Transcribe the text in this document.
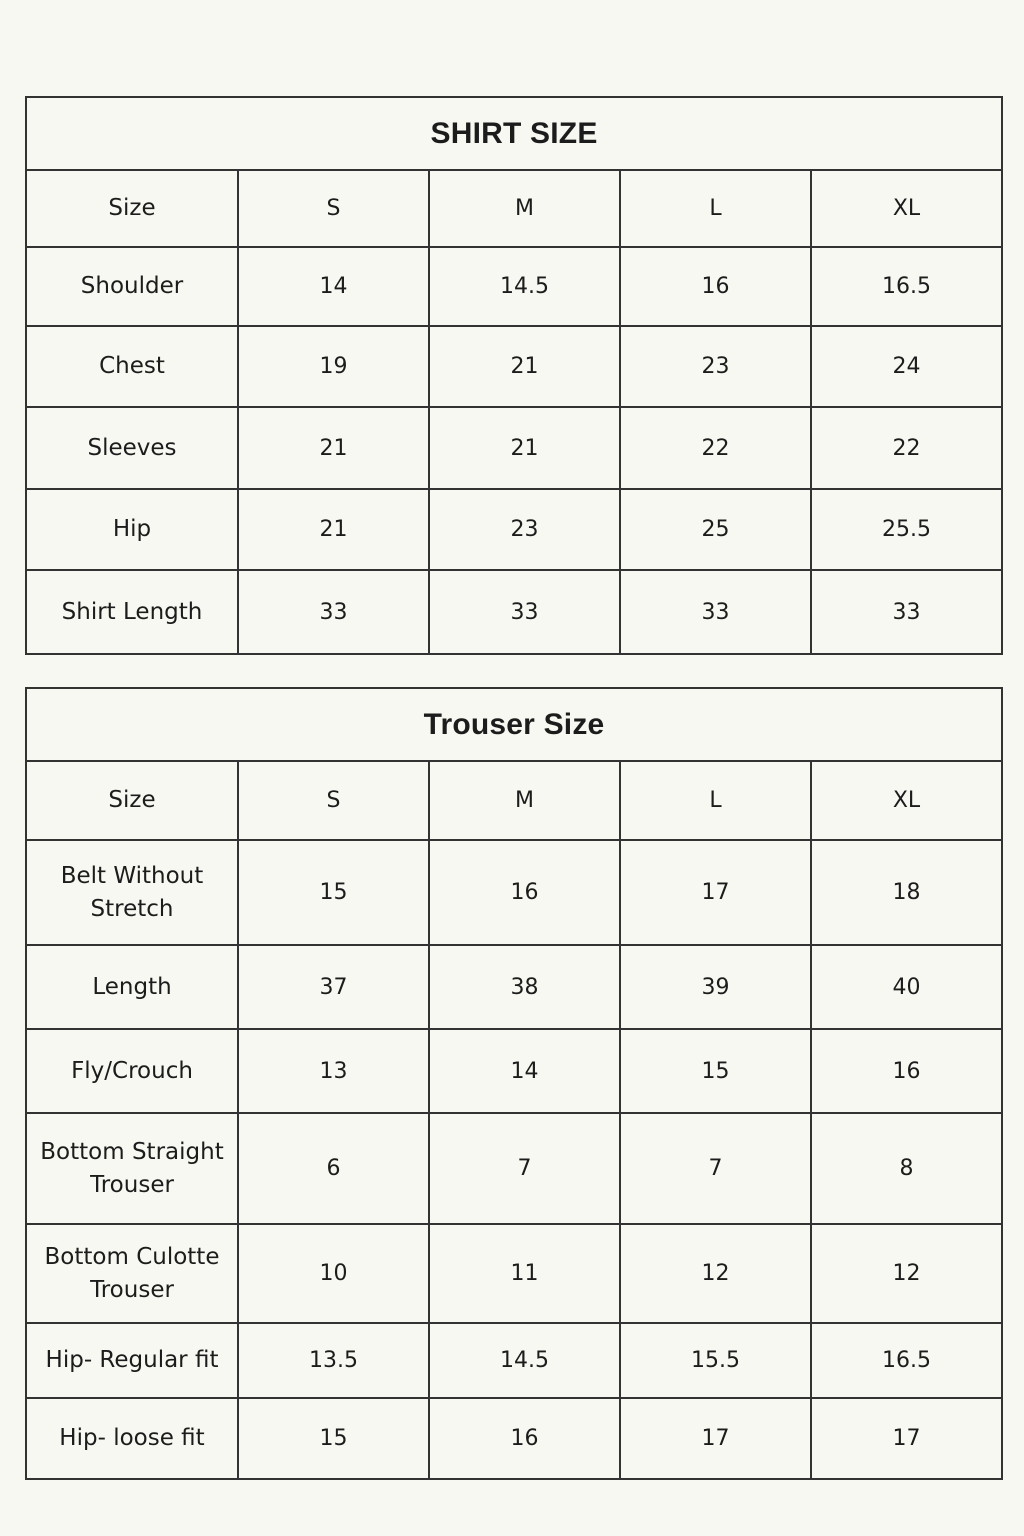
SHIRT SIZE				
Size	S	M	L	XL
Shoulder	14	14.5	16	16.5
Chest	19	21	23	24
Sleeves	21	21	22	22
Hip	21	23	25	25.5
Shirt Length	33	33	33	33
Trouser Size				
Size	S	M	L	XL
Belt Without Stretch	15	16	17	18
Length	37	38	39	40
Fly/Crouch	13	14	15	16
Bottom Straight Trouser	6	7	7	8
Bottom Culotte Trouser	10	11	12	12
Hip- Regular fit	13.5	14.5	15.5	16.5
Hip- loose fit	15	16	17	17
